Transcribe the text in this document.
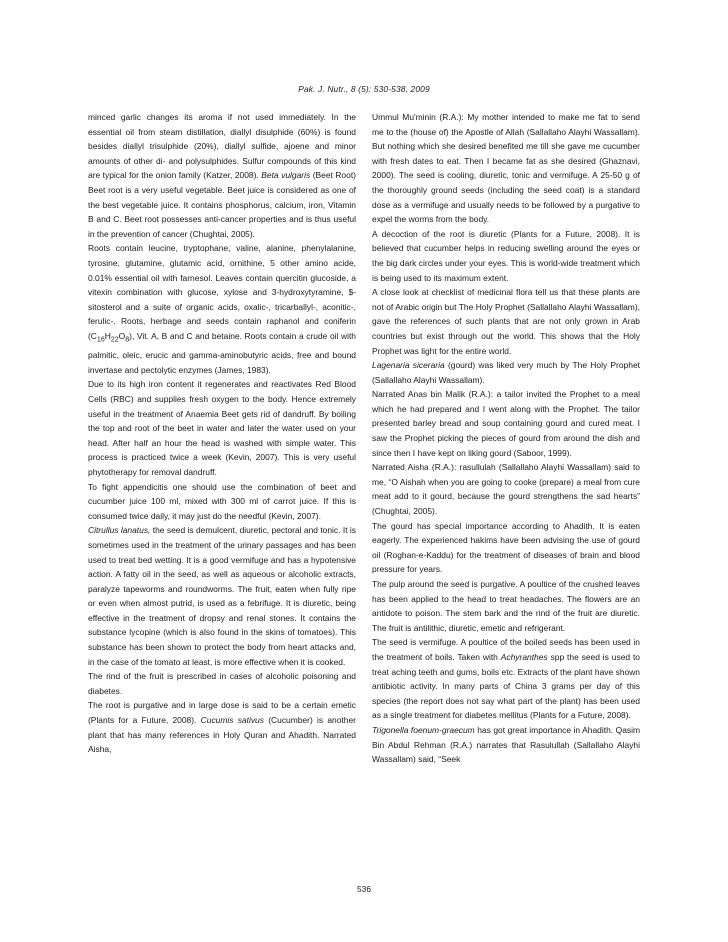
Pak. J. Nutr., 8 (5): 530-538, 2009

minced garlic changes its aroma if not used immediately. In the essential oil from steam distillation, diallyl disulphide (60%) is found besides diallyl trisulphide (20%), diallyl sulfide, ajoene and minor amounts of other di- and polysulphides. Sulfur compounds of this kind are typical for the onion family (Katzer, 2008). Beta vulgaris (Beet Root) Beet root is a very useful vegetable. Beet juice is considered as one of the best vegetable juice. It contains phosphorus, calcium, iron, Vitamin B and C. Beet root possesses anti-cancer properties and is thus useful in the prevention of cancer (Chughtai, 2005).

Roots contain leucine, tryptophane, valine, alanine, phenylalanine, tyrosine, glutamine, glutamic acid, ornithine, 5 other amino acide, 0.01% essential oil with farnesol. Leaves contain quercitin glucoside, a vitexin combination with glucose, xylose and 3-hydroxytyramine, $-sitosterol and a suite of organic acids, oxalic-, tricarballyl-, aconitic-, ferulic-. Roots, herbage and seeds contain raphanol and coniferin $(C_{16}H_{22}O_8)$, Vit. A, B and C and betaine. Roots contain a crude oil with palmitic, oleic, erucic and gamma-aminobutyric acids, free and bound invertase and pectolytic enzymes (James, 1983).

Due to its high iron content it regenerates and reactivates Red Blood Cells (RBC) and supplies fresh oxygen to the body. Hence extremely useful in the treatment of Anaemia Beet gets rid of dandruff. By boiling the top and root of the beet in water and later the water used on your head. After half an hour the head is washed with simple water. This process is practiced twice a week (Kevin, 2007). This is very useful phytotherapy for removal dandruff.

To fight appendicitis one should use the combination of beet and cucumber juice 100 ml, mixed with 300 ml of carrot juice. If this is consumed twice daily, it may just do the needful (Kevin, 2007).

Citrullus lanatus, the seed is demulcent, diuretic, pectoral and tonic. It is sometimes used in the treatment of the urinary passages and has been used to treat bed wetting. It is a good vermifuge and has a hypotensive action. A fatty oil in the seed, as well as aqueous or alcoholic extracts, paralyze tapeworms and roundworms. The fruit, eaten when fully ripe or even when almost putrid, is used as a febrifuge. It is diuretic, being effective in the treatment of dropsy and renal stones. It contains the substance lycopine (which is also found in the skins of tomatoes). This substance has been shown to protect the body from heart attacks and, in the case of the tomato at least, is more effective when it is cooked.

The rind of the fruit is prescribed in cases of alcoholic poisoning and diabetes.

The root is purgative and in large dose is said to be a certain emetic (Plants for a Future, 2008). Cucumis sativus (Cucumber) is another plant that has many references in Holy Quran and Ahadith. Narrated Aisha,

Ummul Mu'minin (R.A.): My mother intended to make me fat to send me to the (house of) the Apostle of Allah (Sallallaho Alayhi Wassallam). But nothing which she desired benefited me till she gave me cucumber with fresh dates to eat. Then I became fat as she desired (Ghaznavi, 2000). The seed is cooling, diuretic, tonic and vermifuge. A 25-50 g of the thoroughly ground seeds (including the seed coat) is a standard dose as a vermifuge and usually needs to be followed by a purgative to expel the worms from the body.

A decoction of the root is diuretic (Plants for a Future, 2008). It is believed that cucumber helps in reducing swelling around the eyes or the big dark circles under your eyes. This is world-wide treatment which is being used to its maximum extent.

A close look at checklist of medicinal flora tell us that these plants are not of Arabic origin but The Holy Prophet (Sallallaho Alayhi Wassallam), gave the references of such plants that are not only grown in Arab countries but exist through out the world. This shows that the Holy Prophet was light for the entire world.

Lagenaria siceraria (gourd) was liked very much by The Holy Prophet (Sallallaho Alayhi Wassallam).

Narrated Anas bin Malik (R.A.): a tailor invited the Prophet to a meal which he had prepared and I went along with the Prophet. The tailor presented barley bread and soup containing gourd and cured meat. I saw the Prophet picking the pieces of gourd from around the dish and since then I have kept on liking gourd (Saboor, 1999).

Narrated Aisha (R.A.): rasullulah (Sallallaho Alayhi Wassallam) said to me, “O Aishah when you are going to cooke (prepare) a meal from cure meat add to it gourd, because the gourd strengthens the sad hearts” (Chughtai, 2005).

The gourd has special importance according to Ahadith. It is eaten eagerly. The experienced hakims have been advising the use of gourd oil (Roghan-e-Kaddu) for the treatment of diseases of brain and blood pressure for years.

The pulp around the seed is purgative. A poultice of the crushed leaves has been applied to the head to treat headaches. The flowers are an antidote to poison. The stem bark and the rind of the fruit are diuretic. The fruit is antilithic, diuretic, emetic and refrigerant.

The seed is vermifuge. A poultice of the boiled seeds has been used in the treatment of boils. Taken with Achyranthes spp the seed is used to treat aching teeth and gums, boils etc. Extracts of the plant have shown antibiotic activity. In many parts of China 3 grams per day of this species (the report does not say what part of the plant) has been used as a single treatment for diabetes mellitus (Plants for a Future, 2008).

Trigonella foenum-graecum has got great importance in Ahadith. Qasim Bin Abdul Rehman (R.A.) narrates that Rasulullah (Sallallaho Alayhi Wassallam) said, “Seek

536
